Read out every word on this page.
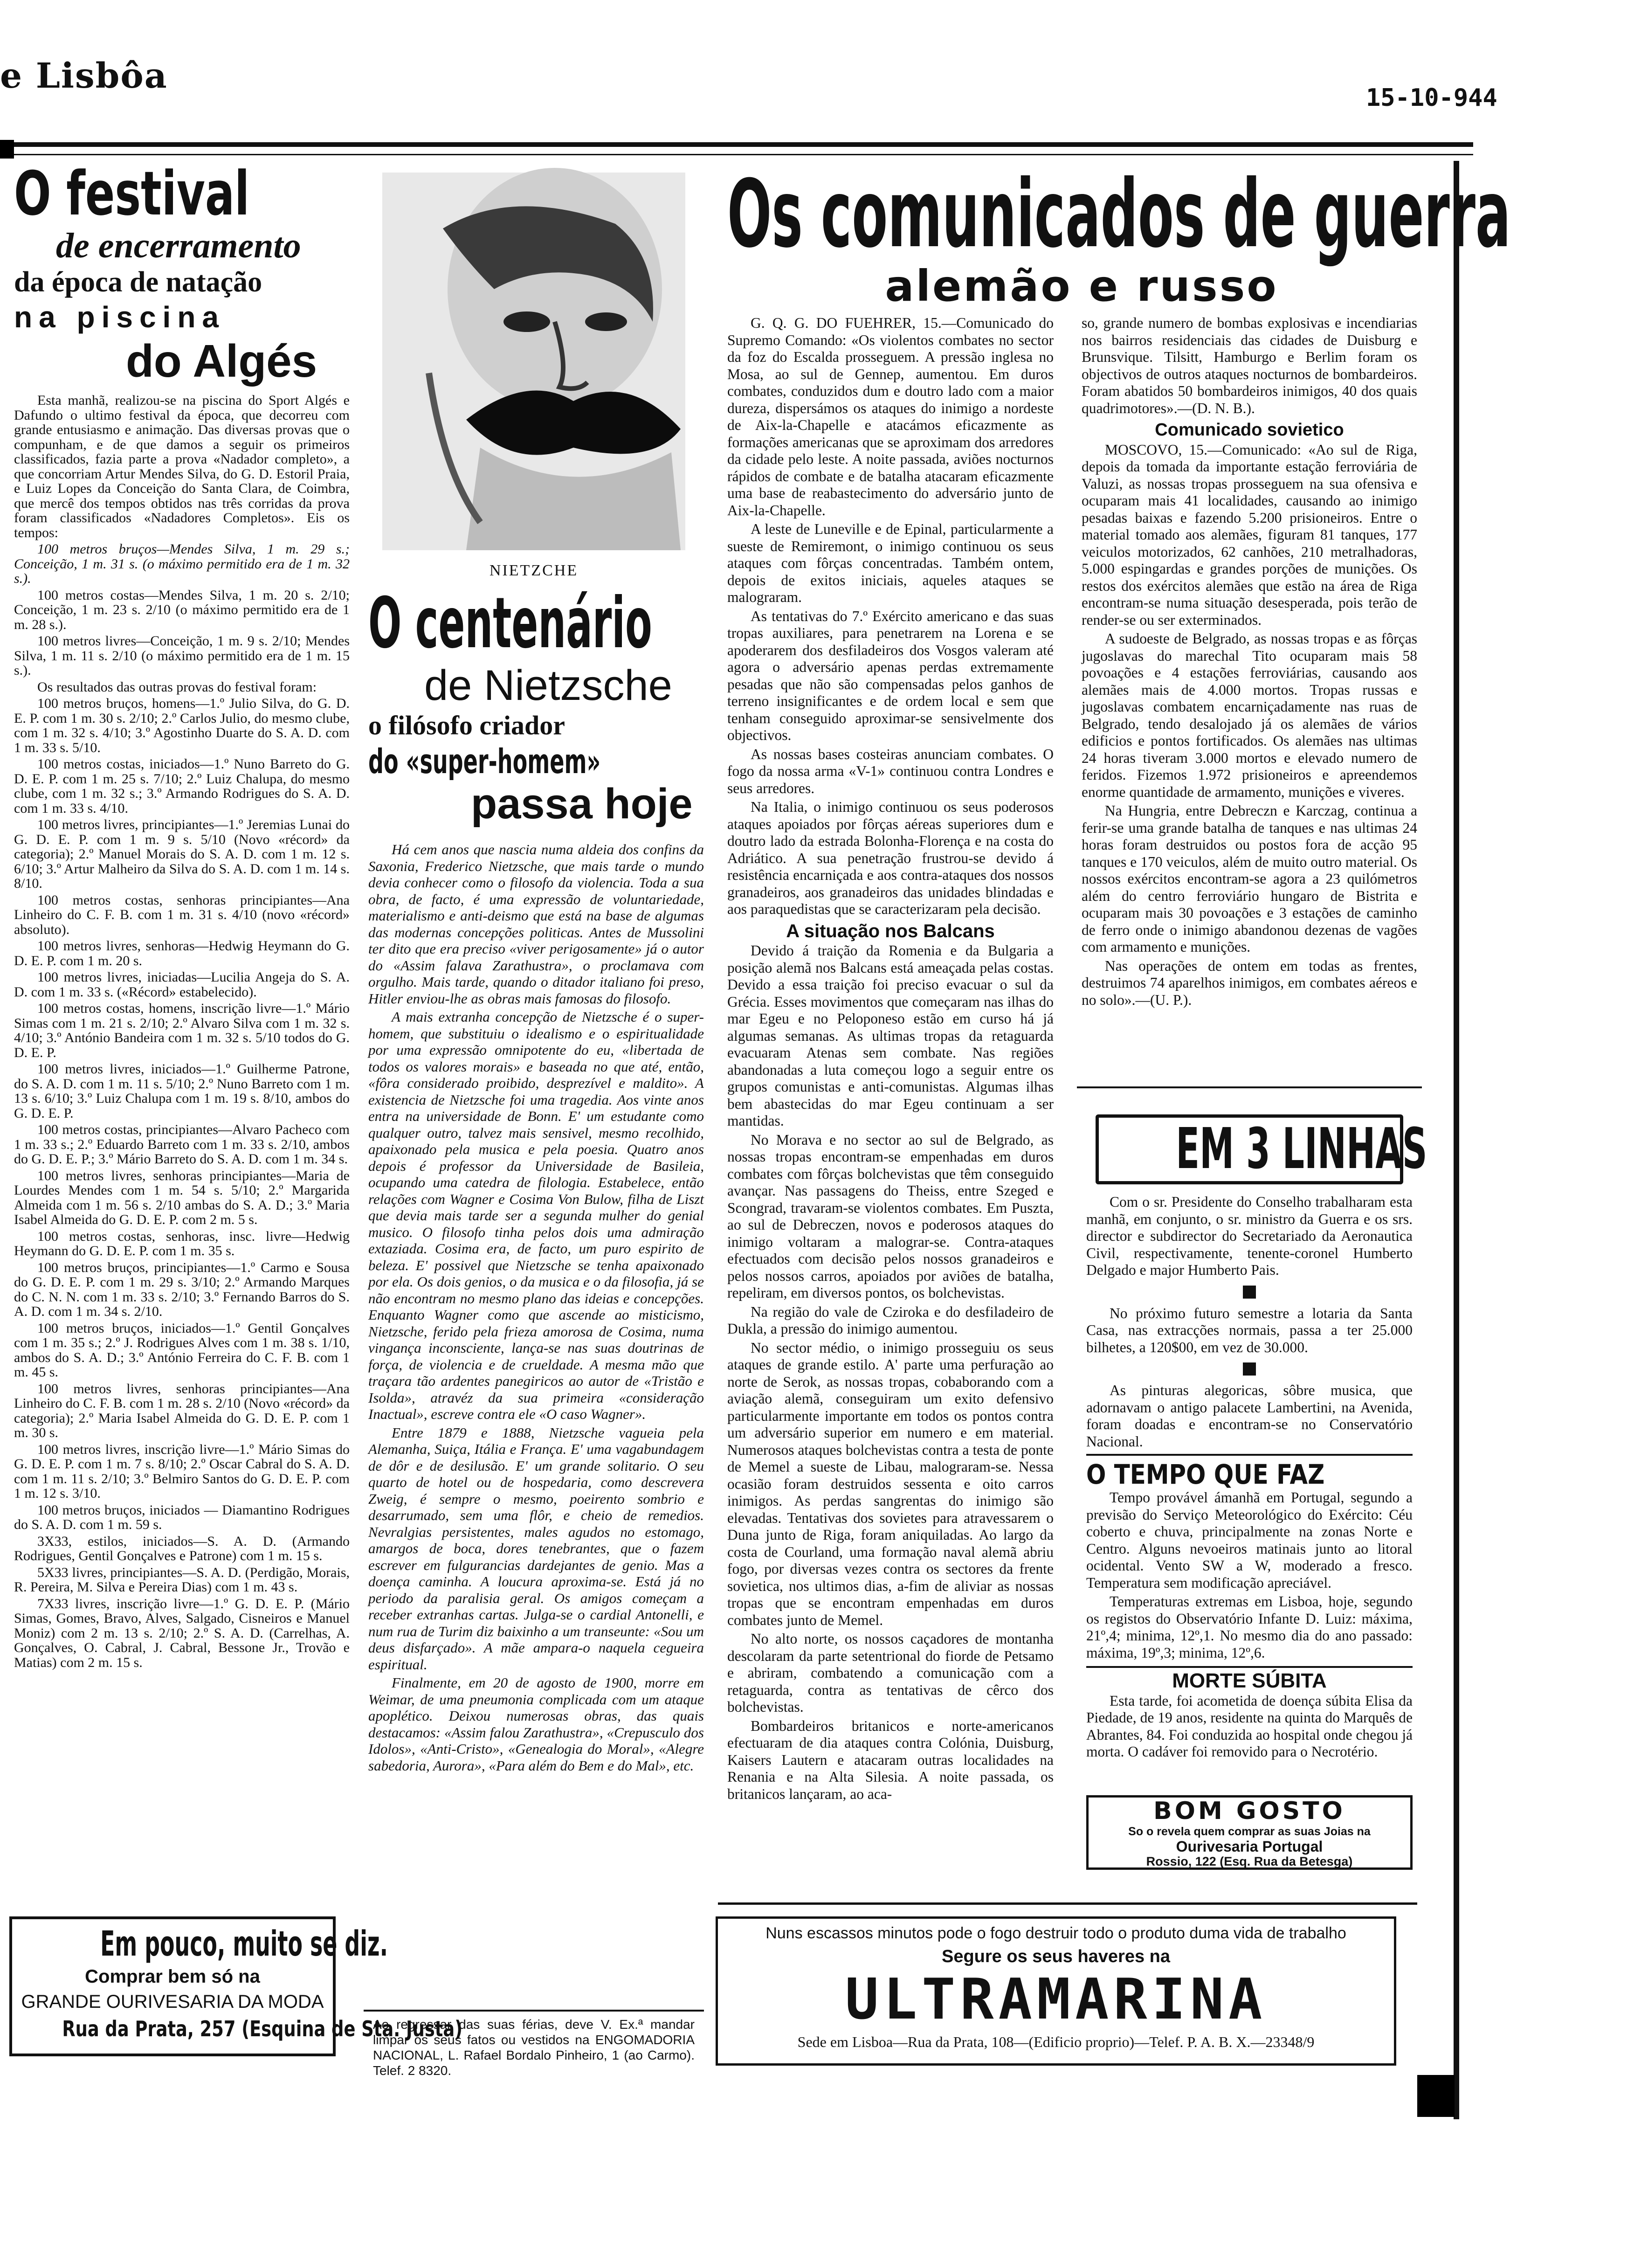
e Lisbôa
15-10-944
O festival
de encerramento
da época de natação
na piscina
do Algés

Esta manhã, realizou-se na piscina do Sport Algés e Dafundo o ultimo festival da época, que decorreu com grande entusiasmo e animação. Das diversas provas que o compunham, e de que damos a seguir os primeiros classificados, fazia parte a prova «Nadador completo», a que concorriam Artur Mendes Silva, do G. D. Estoril Praia, e Luiz Lopes da Conceição do Santa Clara, de Coimbra, que mercê dos tempos obtidos nas três corridas da prova foram classificados «Nadadores Completos». Eis os tempos:

100 metros bruços—Mendes Silva, 1 m. 29 s.; Conceição, 1 m. 31 s. (o máximo permitido era de 1 m. 32 s.).

100 metros costas—Mendes Silva, 1 m. 20 s. 2/10; Conceição, 1 m. 23 s. 2/10 (o máximo permitido era de 1 m. 28 s.).

100 metros livres—Conceição, 1 m. 9 s. 2/10; Mendes Silva, 1 m. 11 s. 2/10 (o máximo permitido era de 1 m. 15 s.).

Os resultados das outras provas do festival foram:

100 metros bruços, homens—1.º Julio Silva, do G. D. E. P. com 1 m. 30 s. 2/10; 2.º Carlos Julio, do mesmo clube, com 1 m. 32 s. 4/10; 3.º Agostinho Duarte do S. A. D. com 1 m. 33 s. 5/10.

100 metros costas, iniciados—1.º Nuno Barreto do G. D. E. P. com 1 m. 25 s. 7/10; 2.º Luiz Chalupa, do mesmo clube, com 1 m. 32 s.; 3.º Armando Rodrigues do S. A. D. com 1 m. 33 s. 4/10.

100 metros livres, principiantes—1.º Jeremias Lunai do G. D. E. P. com 1 m. 9 s. 5/10 (Novo «récord» da categoria); 2.º Manuel Morais do S. A. D. com 1 m. 12 s. 6/10; 3.º Artur Malheiro da Silva do S. A. D. com 1 m. 14 s. 8/10.

100 metros costas, senhoras principiantes—Ana Linheiro do C. F. B. com 1 m. 31 s. 4/10 (novo «récord» absoluto).

100 metros livres, senhoras—Hedwig Heymann do G. D. E. P. com 1 m. 20 s.

100 metros livres, iniciadas—Lucilia Angeja do S. A. D. com 1 m. 33 s. («Récord» estabelecido).

100 metros costas, homens, inscrição livre—1.º Mário Simas com 1 m. 21 s. 2/10; 2.º Alvaro Silva com 1 m. 32 s. 4/10; 3.º António Bandeira com 1 m. 32 s. 5/10 todos do G. D. E. P.

100 metros livres, iniciados—1.º Guilherme Patrone, do S. A. D. com 1 m. 11 s. 5/10; 2.º Nuno Barreto com 1 m. 13 s. 6/10; 3.º Luiz Chalupa com 1 m. 19 s. 8/10, ambos do G. D. E. P.

100 metros costas, principiantes—Alvaro Pacheco com 1 m. 33 s.; 2.º Eduardo Barreto com 1 m. 33 s. 2/10, ambos do G. D. E. P.; 3.º Mário Barreto do S. A. D. com 1 m. 34 s.

100 metros livres, senhoras principiantes—Maria de Lourdes Mendes com 1 m. 54 s. 5/10; 2.º Margarida Almeida com 1 m. 56 s. 2/10 ambas do S. A. D.; 3.º Maria Isabel Almeida do G. D. E. P. com 2 m. 5 s.

100 metros costas, senhoras, insc. livre—Hedwig Heymann do G. D. E. P. com 1 m. 35 s.

100 metros bruços, principiantes—1.º Carmo e Sousa do G. D. E. P. com 1 m. 29 s. 3/10; 2.º Armando Marques do C. N. N. com 1 m. 33 s. 2/10; 3.º Fernando Barros do S. A. D. com 1 m. 34 s. 2/10.

100 metros bruços, iniciados—1.º Gentil Gonçalves com 1 m. 35 s.; 2.º J. Rodrigues Alves com 1 m. 38 s. 1/10, ambos do S. A. D.; 3.º António Ferreira do C. F. B. com 1 m. 45 s.

100 metros livres, senhoras principiantes—Ana Linheiro do C. F. B. com 1 m. 28 s. 2/10 (Novo «récord» da categoria); 2.º Maria Isabel Almeida do G. D. E. P. com 1 m. 30 s.

100 metros livres, inscrição livre—1.º Mário Simas do G. D. E. P. com 1 m. 7 s. 8/10; 2.º Oscar Cabral do S. A. D. com 1 m. 11 s. 2/10; 3.º Belmiro Santos do G. D. E. P. com 1 m. 12 s. 3/10.

100 metros bruços, iniciados — Diamantino Rodrigues do S. A. D. com 1 m. 59 s.

3X33, estilos, iniciados—S. A. D. (Armando Rodrigues, Gentil Gonçalves e Patrone) com 1 m. 15 s.

5X33 livres, principiantes—S. A. D. (Perdigão, Morais, R. Pereira, M. Silva e Pereira Dias) com 1 m. 43 s.

7X33 livres, inscrição livre—1.º G. D. E. P. (Mário Simas, Gomes, Bravo, Alves, Salgado, Cisneiros e Manuel Moniz) com 2 m. 13 s. 2/10; 2.º S. A. D. (Carrelhas, A. Gonçalves, O. Cabral, J. Cabral, Bessone Jr., Trovão e Matias) com 2 m. 15 s.

Em pouco, muito se diz.
Comprar bem só na
GRANDE OURIVESARIA DA MODA
Rua da Prata, 257 (Esquina de Sta. Justa)
NIETZCHE
O centenário
de Nietzsche
o filósofo criador
do «super-homem»
passa hoje

Há cem anos que nascia numa aldeia dos confins da Saxonia, Frederico Nietzsche, que mais tarde o mundo devia conhecer como o filosofo da violencia. Toda a sua obra, de facto, é uma expressão de voluntariedade, materialismo e anti-deismo que está na base de algumas das modernas concepções politicas. Antes de Mussolini ter dito que era preciso «viver perigosamente» já o autor do «Assim falava Zarathustra», o proclamava com orgulho. Mais tarde, quando o ditador italiano foi preso, Hitler enviou-lhe as obras mais famosas do filosofo.

A mais extranha concepção de Nietzsche é o super-homem, que substituiu o idealismo e o espiritualidade por uma expressão omnipotente do eu, «libertada de todos os valores morais» e baseada no que até, então, «fôra considerado proibido, desprezível e maldito». A existencia de Nietzsche foi uma tragedia. Aos vinte anos entra na universidade de Bonn. E' um estudante como qualquer outro, talvez mais sensivel, mesmo recolhido, apaixonado pela musica e pela poesia. Quatro anos depois é professor da Universidade de Basileia, ocupando uma catedra de filologia. Estabelece, então relações com Wagner e Cosima Von Bulow, filha de Liszt que devia mais tarde ser a segunda mulher do genial musico. O filosofo tinha pelos dois uma admiração extaziada. Cosima era, de facto, um puro espirito de beleza. E' possivel que Nietzsche se tenha apaixonado por ela. Os dois genios, o da musica e o da filosofia, já se não encontram no mesmo plano das ideias e concepções. Enquanto Wagner como que ascende ao misticismo, Nietzsche, ferido pela frieza amorosa de Cosima, numa vingança inconsciente, lança-se nas suas doutrinas de força, de violencia e de crueldade. A mesma mão que traçara tão ardentes panegiricos ao autor de «Tristão e Isolda», atravéz da sua primeira «consideração Inactual», escreve contra ele «O caso Wagner».

Entre 1879 e 1888, Nietzsche vagueia pela Alemanha, Suiça, Itália e França. E' uma vagabundagem de dôr e de desilusão. E' um grande solitario. O seu quarto de hotel ou de hospedaria, como descrevera Zweig, é sempre o mesmo, poeirento sombrio e desarrumado, sem uma flôr, e cheio de remedios. Nevralgias persistentes, males agudos no estomago, amargos de boca, dores tenebrantes, que o fazem escrever em fulgurancias dardejantes de genio. Mas a doença caminha. A loucura aproxima-se. Está já no periodo da paralisia geral. Os amigos começam a receber extranhas cartas. Julga-se o cardial Antonelli, e num rua de Turim diz baixinho a um transeunte: «Sou um deus disfarçado». A mãe ampara-o naquela cegueira espiritual.

Finalmente, em 20 de agosto de 1900, morre em Weimar, de uma pneumonia complicada com um ataque apoplético. Deixou numerosas obras, das quais destacamos: «Assim falou Zarathustra», «Crepusculo dos Idolos», «Anti-Cristo», «Genealogia do Moral», «Alegre sabedoria, Aurora», «Para além do Bem e do Mal», etc.

Ao regressar das suas férias, deve V. Ex.ª mandar limpar os seus fatos ou vestidos na ENGOMADORIA NACIONAL, L. Rafael Bordalo Pinheiro, 1 (ao Carmo). Telef. 2 8320.
Os comunicados de guerra
alemão e russo

G. Q. G. DO FUEHRER, 15.—Comunicado do Supremo Comando: «Os violentos combates no sector da foz do Escalda prosseguem. A pressão inglesa no Mosa, ao sul de Gennep, aumentou. Em duros combates, conduzidos dum e doutro lado com a maior dureza, dispersámos os ataques do inimigo a nordeste de Aix-la-Chapelle e atacámos eficazmente as formações americanas que se aproximam dos arredores da cidade pelo leste. A noite passada, aviões nocturnos rápidos de combate e de batalha atacaram eficazmente uma base de reabastecimento do adversário junto de Aix-la-Chapelle.

A leste de Luneville e de Epinal, particularmente a sueste de Remiremont, o inimigo continuou os seus ataques com fôrças concentradas. Também ontem, depois de exitos iniciais, aqueles ataques se malograram.

As tentativas do 7.º Exército americano e das suas tropas auxiliares, para penetrarem na Lorena e se apoderarem dos desfiladeiros dos Vosgos valeram até agora o adversário apenas perdas extremamente pesadas que não são compensadas pelos ganhos de terreno insignificantes e de ordem local e sem que tenham conseguido aproximar-se sensivelmente dos objectivos.

As nossas bases costeiras anunciam combates. O fogo da nossa arma «V-1» continuou contra Londres e seus arredores.

Na Italia, o inimigo continuou os seus poderosos ataques apoiados por fôrças aéreas superiores dum e doutro lado da estrada Bolonha-Florença e na costa do Adriático. A sua penetração frustrou-se devido á resistência encarniçada e aos contra-ataques dos nossos granadeiros, aos granadeiros das unidades blindadas e aos paraquedistas que se caracterizaram pela decisão.

A situação nos Balcans

Devido á traição da Romenia e da Bulgaria a posição alemã nos Balcans está ameaçada pelas costas. Devido a essa traição foi preciso evacuar o sul da Grécia. Esses movimentos que começaram nas ilhas do mar Egeu e no Peloponeso estão em curso há já algumas semanas. As ultimas tropas da retaguarda evacuaram Atenas sem combate. Nas regiões abandonadas a luta começou logo a seguir entre os grupos comunistas e anti-comunistas. Algumas ilhas bem abastecidas do mar Egeu continuam a ser mantidas.

No Morava e no sector ao sul de Belgrado, as nossas tropas encontram-se empenhadas em duros combates com fôrças bolchevistas que têm conseguido avançar. Nas passagens do Theiss, entre Szeged e Scongrad, travaram-se violentos combates. Em Puszta, ao sul de Debreczen, novos e poderosos ataques do inimigo voltaram a malograr-se. Contra-ataques efectuados com decisão pelos nossos granadeiros e pelos nossos carros, apoiados por aviões de batalha, repeliram, em diversos pontos, os bolchevistas.

Na região do vale de Cziroka e do desfiladeiro de Dukla, a pressão do inimigo aumentou.

No sector médio, o inimigo prosseguiu os seus ataques de grande estilo. A' parte uma perfuração ao norte de Serok, as nossas tropas, cobaborando com a aviação alemã, conseguiram um exito defensivo particularmente importante em todos os pontos contra um adversário superior em numero e em material. Numerosos ataques bolchevistas contra a testa de ponte de Memel a sueste de Libau, malograram-se. Nessa ocasião foram destruidos sessenta e oito carros inimigos. As perdas sangrentas do inimigo são elevadas. Tentativas dos sovietes para atravessarem o Duna junto de Riga, foram aniquiladas. Ao largo da costa de Courland, uma formação naval alemã abriu fogo, por diversas vezes contra os sectores da frente sovietica, nos ultimos dias, a-fim de aliviar as nossas tropas que se encontram empenhadas em duros combates junto de Memel.

No alto norte, os nossos caçadores de montanha descolaram da parte setentrional do fiorde de Petsamo e abriram, combatendo a comunicação com a retaguarda, contra as tentativas de cêrco dos bolchevistas.

Bombardeiros britanicos e norte-americanos efectuaram de dia ataques contra Colónia, Duisburg, Kaisers Lautern e atacaram outras localidades na Renania e na Alta Silesia. A noite passada, os britanicos lançaram, ao aca-

so, grande numero de bombas explosivas e incendiarias nos bairros residenciais das cidades de Duisburg e Brunsvique. Tilsitt, Hamburgo e Berlim foram os objectivos de outros ataques nocturnos de bombardeiros. Foram abatidos 50 bombardeiros inimigos, 40 dos quais quadrimotores».—(D. N. B.).

Comunicado sovietico

MOSCOVO, 15.—Comunicado: «Ao sul de Riga, depois da tomada da importante estação ferroviária de Valuzi, as nossas tropas prosseguem na sua ofensiva e ocuparam mais 41 localidades, causando ao inimigo pesadas baixas e fazendo 5.200 prisioneiros. Entre o material tomado aos alemães, figuram 81 tanques, 177 veiculos motorizados, 62 canhões, 210 metralhadoras, 5.000 espingardas e grandes porções de munições. Os restos dos exércitos alemães que estão na área de Riga encontram-se numa situação desesperada, pois terão de render-se ou ser exterminados.

A sudoeste de Belgrado, as nossas tropas e as fôrças jugoslavas do marechal Tito ocuparam mais 58 povoações e 4 estações ferroviárias, causando aos alemães mais de 4.000 mortos. Tropas russas e jugoslavas combatem encarniçadamente nas ruas de Belgrado, tendo desalojado já os alemães de vários edificios e pontos fortificados. Os alemães nas ultimas 24 horas tiveram 3.000 mortos e elevado numero de feridos. Fizemos 1.972 prisioneiros e apreendemos enorme quantidade de armamento, munições e viveres.

Na Hungria, entre Debreczn e Karczag, continua a ferir-se uma grande batalha de tanques e nas ultimas 24 horas foram destruidos ou postos fora de acção 95 tanques e 170 veiculos, além de muito outro material. Os nossos exércitos encontram-se agora a 23 quilómetros além do centro ferroviário hungaro de Bistrita e ocuparam mais 30 povoações e 3 estações de caminho de ferro onde o inimigo abandonou dezenas de vagões com armamento e munições.

Nas operações de ontem em todas as frentes, destruimos 74 aparelhos inimigos, em combates aéreos e no solo».—(U. P.).

EM 3 LINHAS

Com o sr. Presidente do Conselho trabalharam esta manhã, em conjunto, o sr. ministro da Guerra e os srs. director e subdirector do Secretariado da Aeronautica Civil, respectivamente, tenente-coronel Humberto Delgado e major Humberto Pais.

No próximo futuro semestre a lotaria da Santa Casa, nas extracções normais, passa a ter 25.000 bilhetes, a 120$00, em vez de 30.000.

As pinturas alegoricas, sôbre musica, que adornavam o antigo palacete Lambertini, na Avenida, foram doadas e encontram-se no Conservatório Nacional.

O TEMPO QUE FAZ

Tempo provável ámanhã em Portugal, segundo a previsão do Serviço Meteorológico do Exército: Céu coberto e chuva, principalmente na zonas Norte e Centro. Alguns nevoeiros matinais junto ao litoral ocidental. Vento SW a W, moderado a fresco. Temperatura sem modificação apreciável.

Temperaturas extremas em Lisboa, hoje, segundo os registos do Observatório Infante D. Luiz: máxima, 21º,4; minima, 12º,1. No mesmo dia do ano passado: máxima, 19º,3; minima, 12º,6.

MORTE SÚBITA

Esta tarde, foi acometida de doença súbita Elisa da Piedade, de 19 anos, residente na quinta do Marquês de Abrantes, 84. Foi conduzida ao hospital onde chegou já morta. O cadáver foi removido para o Necrotério.

BOM GOSTO
So o revela quem comprar as suas Joias na
Ourivesaria Portugal
Rossio, 122 (Esq. Rua da Betesga)
Nuns escassos minutos pode o fogo destruir todo o produto duma vida de trabalho
Segure os seus haveres na
ULTRAMARINA
Sede em Lisboa—Rua da Prata, 108—(Edificio proprio)—Telef. P. A. B. X.—23348/9
